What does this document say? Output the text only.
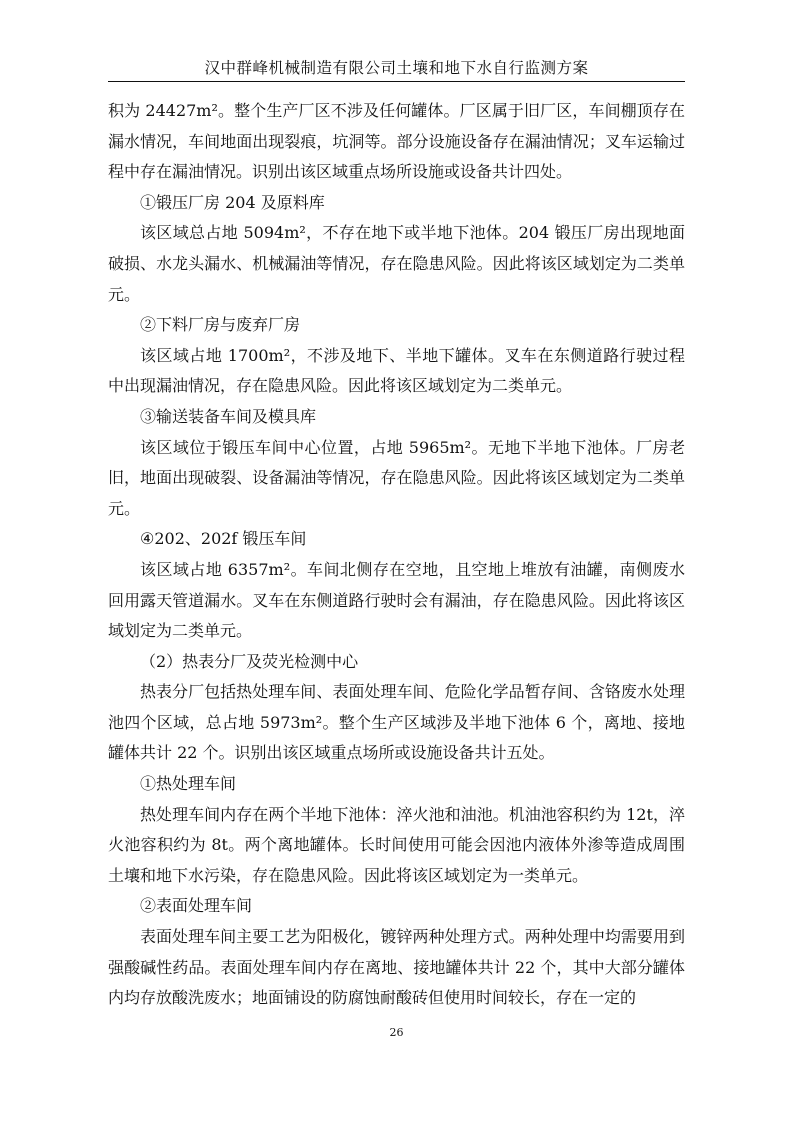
汉中群峰机械制造有限公司土壤和地下水自行监测方案

积为 24427m²。整个生产厂区不涉及任何罐体。厂区属于旧厂区，车间棚顶存在漏水情况，车间地面出现裂痕，坑洞等。部分设施设备存在漏油情况；叉车运输过程中存在漏油情况。识别出该区域重点场所设施或设备共计四处。

①锻压厂房 204 及原料库

该区域总占地 5094m²，不存在地下或半地下池体。204 锻压厂房出现地面破损、水龙头漏水、机械漏油等情况，存在隐患风险。因此将该区域划定为二类单元。

②下料厂房与废弃厂房

该区域占地 1700m²，不涉及地下、半地下罐体。叉车在东侧道路行驶过程中出现漏油情况，存在隐患风险。因此将该区域划定为二类单元。

③输送装备车间及模具库

该区域位于锻压车间中心位置，占地 5965m²。无地下半地下池体。厂房老旧，地面出现破裂、设备漏油等情况，存在隐患风险。因此将该区域划定为二类单元。

④202、202f 锻压车间

该区域占地 6357m²。车间北侧存在空地，且空地上堆放有油罐，南侧废水回用露天管道漏水。叉车在东侧道路行驶时会有漏油，存在隐患风险。因此将该区域划定为二类单元。

（2）热表分厂及荧光检测中心

热表分厂包括热处理车间、表面处理车间、危险化学品暂存间、含铬废水处理池四个区域，总占地 5973m²。整个生产区域涉及半地下池体 6 个，离地、接地罐体共计 22 个。识别出该区域重点场所或设施设备共计五处。

①热处理车间

热处理车间内存在两个半地下池体：淬火池和油池。机油池容积约为 12t，淬火池容积约为 8t。两个离地罐体。长时间使用可能会因池内液体外渗等造成周围土壤和地下水污染，存在隐患风险。因此将该区域划定为一类单元。

②表面处理车间

表面处理车间主要工艺为阳极化，镀锌两种处理方式。两种处理中均需要用到强酸碱性药品。表面处理车间内存在离地、接地罐体共计 22 个，其中大部分罐体内均存放酸洗废水；地面铺设的防腐蚀耐酸砖但使用时间较长，存在一定的

26
